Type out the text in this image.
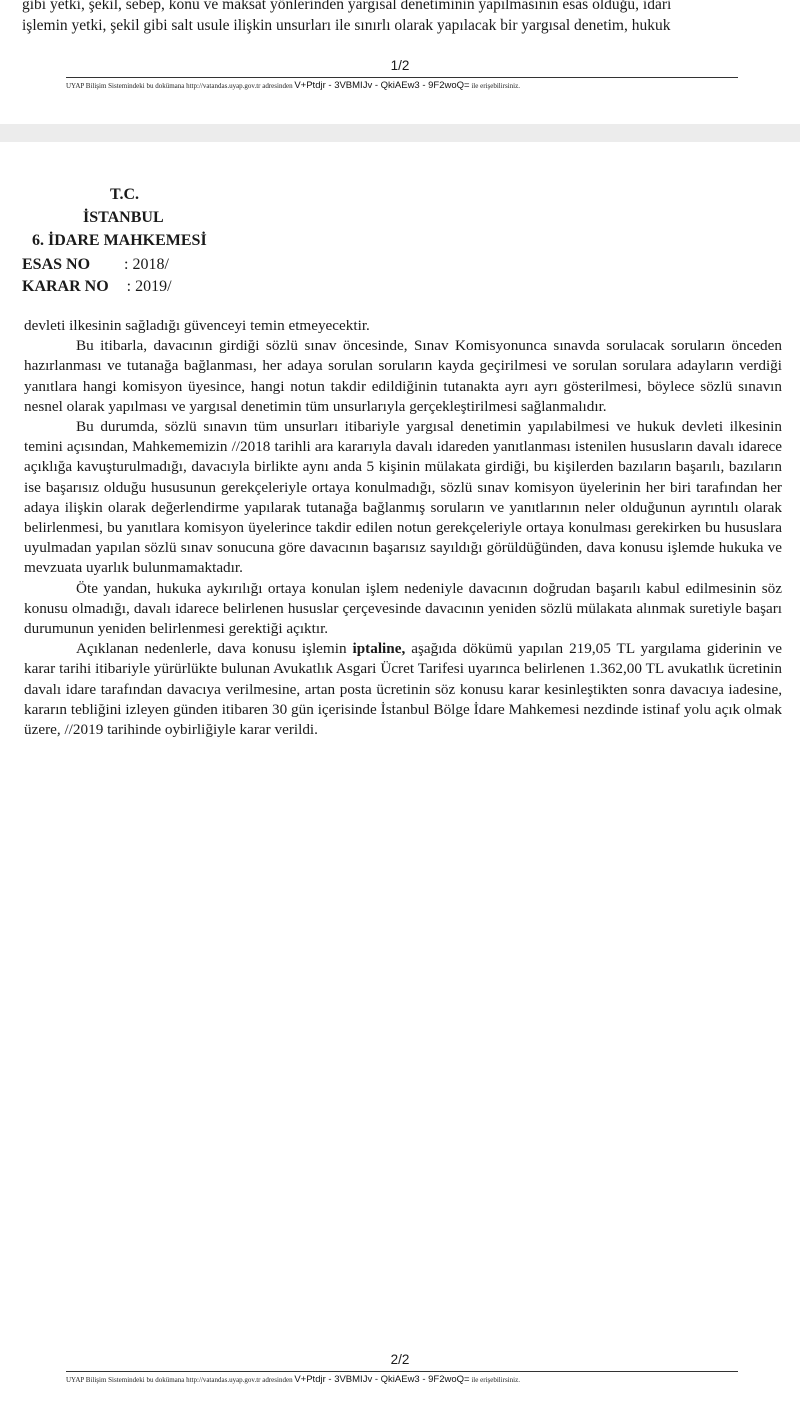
gibi yetki, şekil, sebep, konu ve maksat yönlerinden yargısal denetiminin yapılmasının esas olduğu, idari

işlemin yetki, şekil gibi salt usule ilişkin unsurları ile sınırlı olarak yapılacak bir yargısal denetim, hukuk

1/2
UYAP Bilişim Sistemindeki bu dokümana http://vatandas.uyap.gov.tr adresinden V+Ptdjr - 3VBMIJv - QkiAEw3 - 9F2woQ= ile erişebilirsiniz.
T.C.
İSTANBUL
6. İDARE MAHKEMESİ
ESAS NO : 2018/
KARAR NO : 2019/

devleti ilkesinin sağladığı güvenceyi temin etmeyecektir.

Bu itibarla, davacının girdiği sözlü sınav öncesinde, Sınav Komisyonunca sınavda sorulacak soruların önceden hazırlanması ve tutanağa bağlanması, her adaya sorulan soruların kayda geçirilmesi ve sorulan sorulara adayların verdiği yanıtlara hangi komisyon üyesince, hangi notun takdir edildiğinin tutanakta ayrı ayrı gösterilmesi, böylece sözlü sınavın nesnel olarak yapılması ve yargısal denetimin tüm unsurlarıyla gerçekleştirilmesi sağlanmalıdır.

Bu durumda, sözlü sınavın tüm unsurları itibariyle yargısal denetimin yapılabilmesi ve hukuk devleti ilkesinin temini açısından, Mahkememizin //2018 tarihli ara kararıyla davalı idareden yanıtlanması istenilen hususların davalı idarece açıklığa kavuşturulmadığı, davacıyla birlikte aynı anda 5 kişinin mülakata girdiği, bu kişilerden bazıların başarılı, bazıların ise başarısız olduğu hususunun gerekçeleriyle ortaya konulmadığı, sözlü sınav komisyon üyelerinin her biri tarafından her adaya ilişkin olarak değerlendirme yapılarak tutanağa bağlanmış soruların ve yanıtlarının neler olduğunun ayrıntılı olarak belirlenmesi, bu yanıtlara komisyon üyelerince takdir edilen notun gerekçeleriyle ortaya konulması gerekirken bu hususlara uyulmadan yapılan sözlü sınav sonucuna göre davacının başarısız sayıldığı görüldüğünden, dava konusu işlemde hukuka ve mevzuata uyarlık bulunmamaktadır.

Öte yandan, hukuka aykırılığı ortaya konulan işlem nedeniyle davacının doğrudan başarılı kabul edilmesinin söz konusu olmadığı, davalı idarece belirlenen hususlar çerçevesinde davacının yeniden sözlü mülakata alınmak suretiyle başarı durumunun yeniden belirlenmesi gerektiği açıktır.

Açıklanan nedenlerle, dava konusu işlemin iptaline, aşağıda dökümü yapılan 219,05 TL yargılama giderinin ve karar tarihi itibariyle yürürlükte bulunan Avukatlık Asgari Ücret Tarifesi uyarınca belirlenen 1.362,00 TL avukatlık ücretinin davalı idare tarafından davacıya verilmesine, artan posta ücretinin söz konusu karar kesinleştikten sonra davacıya iadesine, kararın tebliğini izleyen günden itibaren 30 gün içerisinde İstanbul Bölge İdare Mahkemesi nezdinde istinaf yolu açık olmak üzere, //2019 tarihinde oybirliğiyle karar verildi.

2/2
UYAP Bilişim Sistemindeki bu dokümana http://vatandas.uyap.gov.tr adresinden V+Ptdjr - 3VBMIJv - QkiAEw3 - 9F2woQ= ile erişebilirsiniz.
